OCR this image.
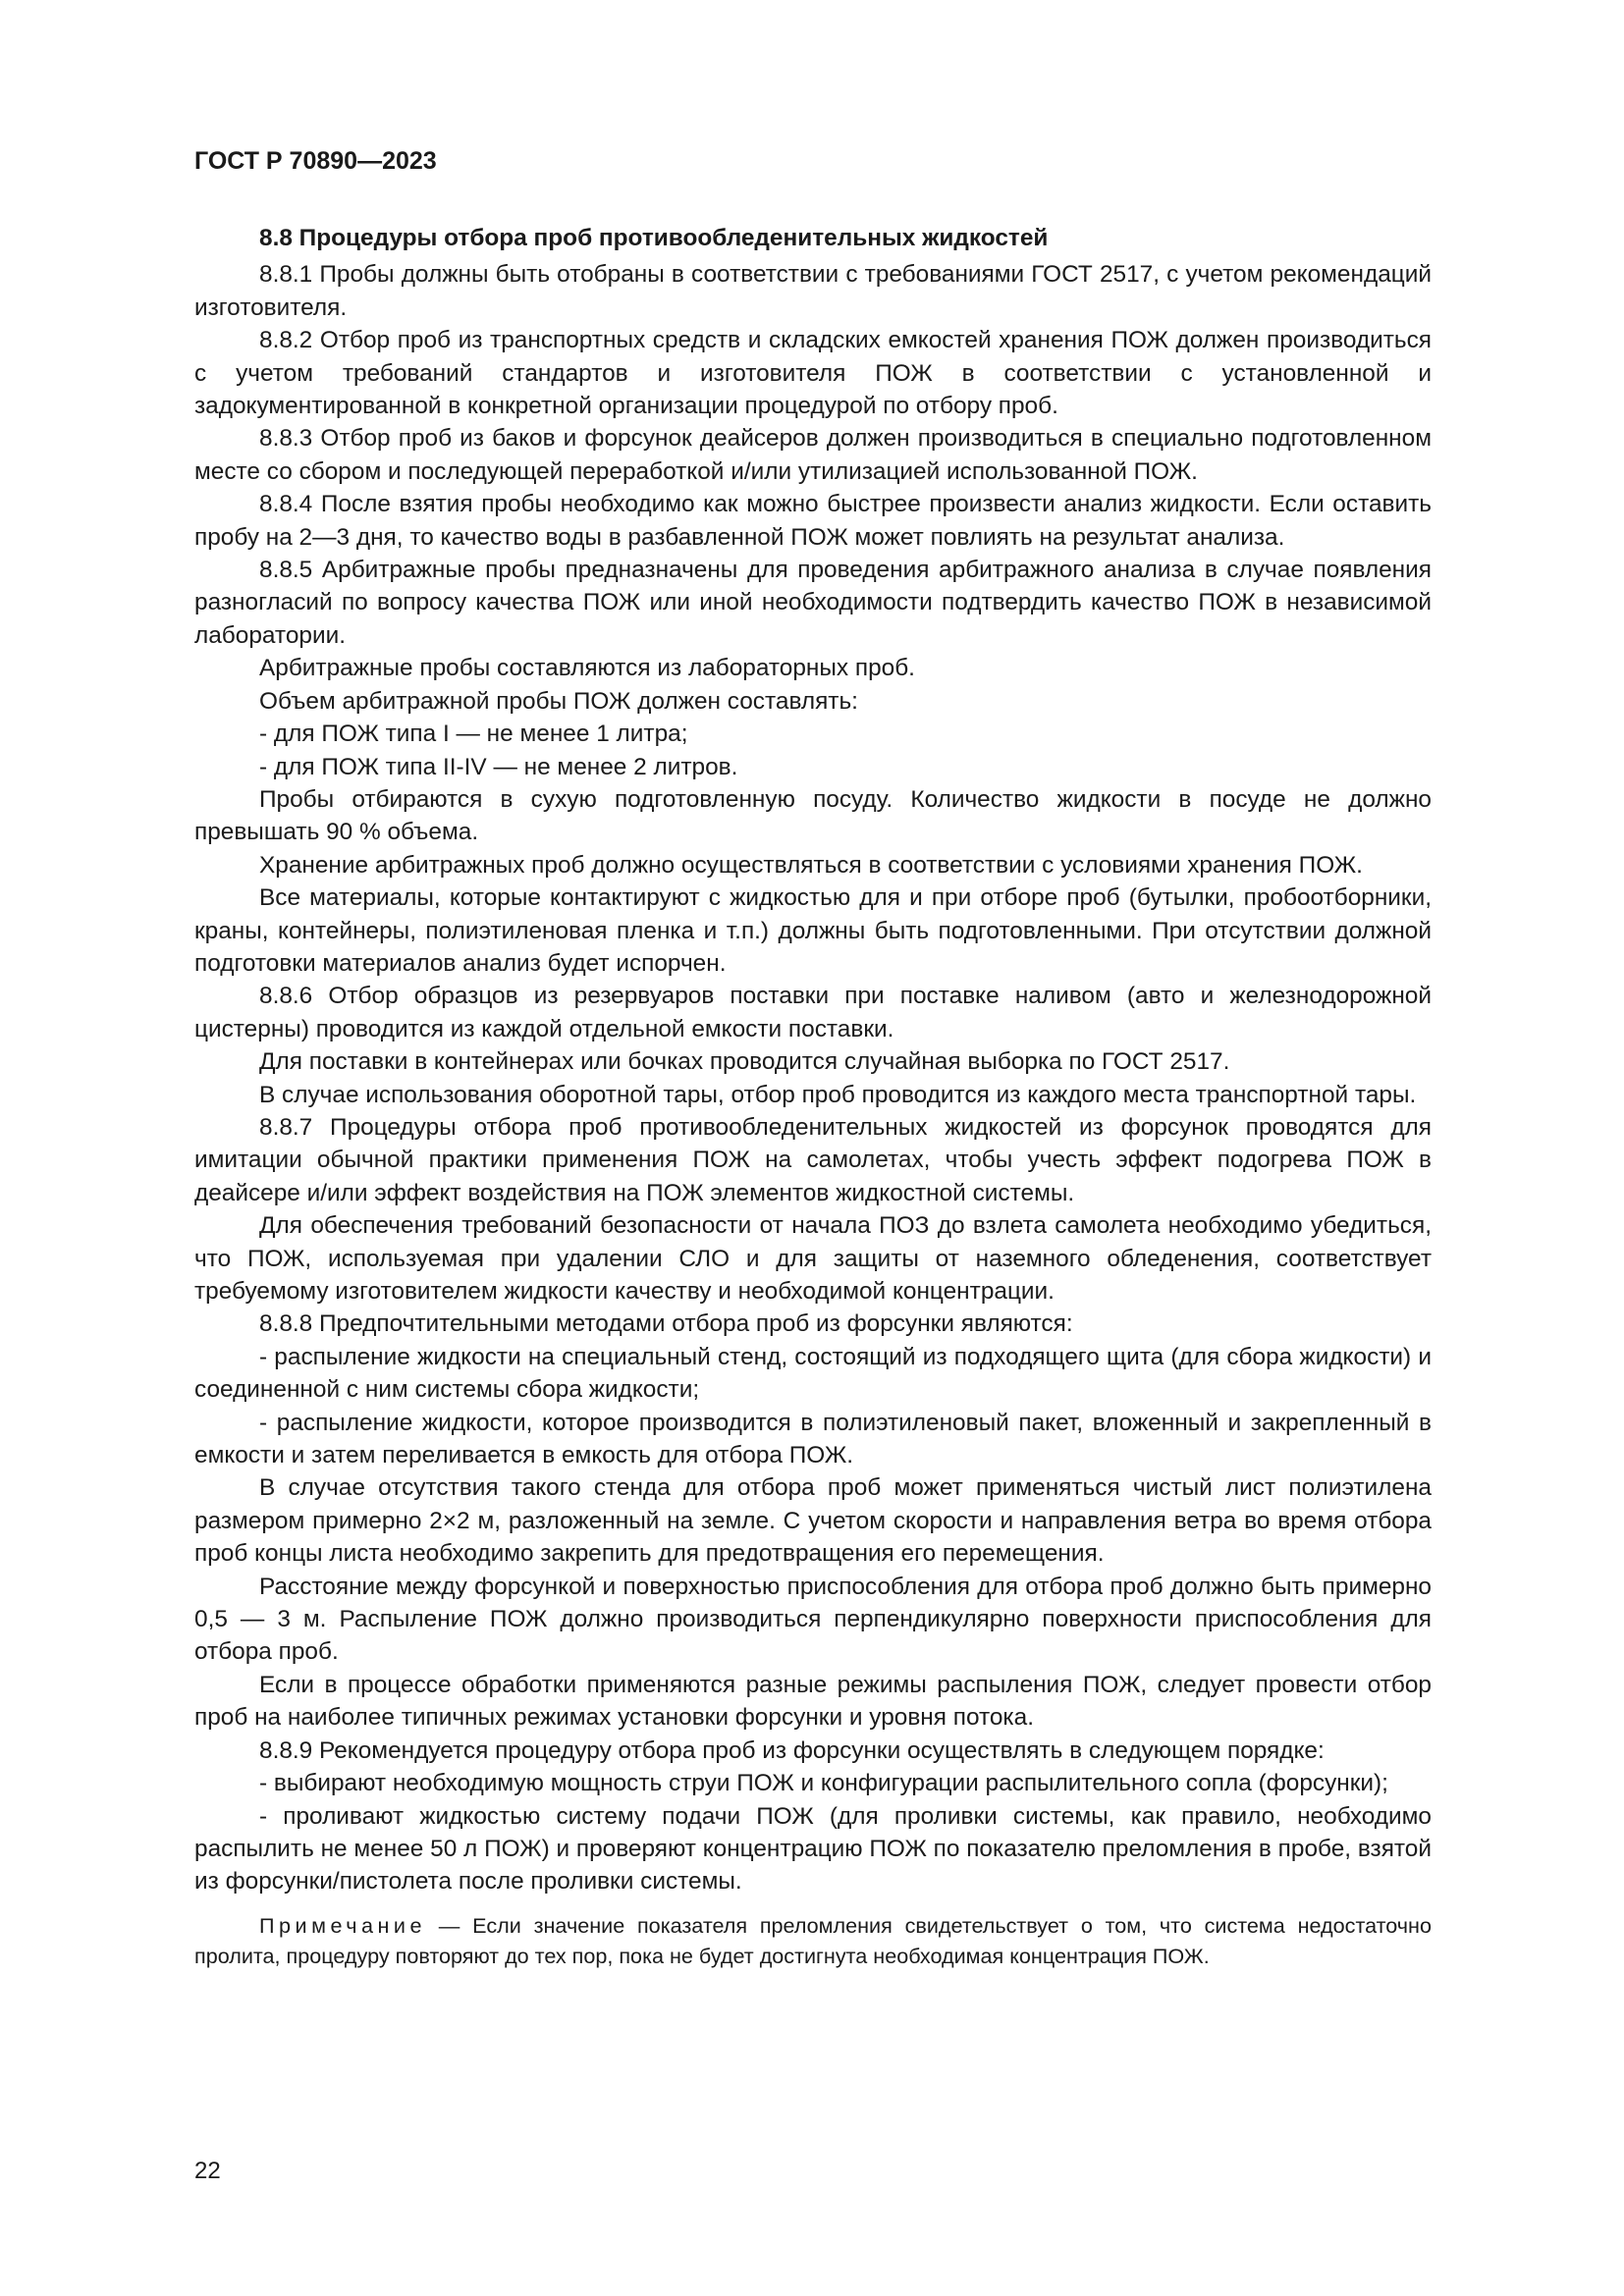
ГОСТ Р 70890—2023
8.8 Процедуры отбора проб противообледенительных жидкостей

8.8.1 Пробы должны быть отобраны в соответствии с требованиями ГОСТ 2517, с учетом рекомендаций изготовителя.

8.8.2 Отбор проб из транспортных средств и складских емкостей хранения ПОЖ должен производиться с учетом требований стандартов и изготовителя ПОЖ в соответствии с установленной и задокументированной в конкретной организации процедурой по отбору проб.

8.8.3 Отбор проб из баков и форсунок деайсеров должен производиться в специально подготовленном месте со сбором и последующей переработкой и/или утилизацией использованной ПОЖ.

8.8.4 После взятия пробы необходимо как можно быстрее произвести анализ жидкости. Если оставить пробу на 2—3 дня, то качество воды в разбавленной ПОЖ может повлиять на результат анализа.

8.8.5 Арбитражные пробы предназначены для проведения арбитражного анализа в случае появления разногласий по вопросу качества ПОЖ или иной необходимости подтвердить качество ПОЖ в независимой лаборатории.

Арбитражные пробы составляются из лабораторных проб.

Объем арбитражной пробы ПОЖ должен составлять:

- для ПОЖ типа I — не менее 1 литра;

- для ПОЖ типа II-IV — не менее 2 литров.

Пробы отбираются в сухую подготовленную посуду. Количество жидкости в посуде не должно превышать 90 % объема.

Хранение арбитражных проб должно осуществляться в соответствии с условиями хранения ПОЖ.

Все материалы, которые контактируют с жидкостью для и при отборе проб (бутылки, пробоотборники, краны, контейнеры, полиэтиленовая пленка и т.п.) должны быть подготовленными. При отсутствии должной подготовки материалов анализ будет испорчен.

8.8.6 Отбор образцов из резервуаров поставки при поставке наливом (авто и железнодорожной цистерны) проводится из каждой отдельной емкости поставки.

Для поставки в контейнерах или бочках проводится случайная выборка по ГОСТ 2517.

В случае использования оборотной тары, отбор проб проводится из каждого места транспортной тары.

8.8.7 Процедуры отбора проб противообледенительных жидкостей из форсунок проводятся для имитации обычной практики применения ПОЖ на самолетах, чтобы учесть эффект подогрева ПОЖ в деайсере и/или эффект воздействия на ПОЖ элементов жидкостной системы.

Для обеспечения требований безопасности от начала ПОЗ до взлета самолета необходимо убедиться, что ПОЖ, используемая при удалении СЛО и для защиты от наземного обледенения, соответствует требуемому изготовителем жидкости качеству и необходимой концентрации.

8.8.8 Предпочтительными методами отбора проб из форсунки являются:

- распыление жидкости на специальный стенд, состоящий из подходящего щита (для сбора жидкости) и соединенной с ним системы сбора жидкости;

- распыление жидкости, которое производится в полиэтиленовый пакет, вложенный и закрепленный в емкости и затем переливается в емкость для отбора ПОЖ.

В случае отсутствия такого стенда для отбора проб может применяться чистый лист полиэтилена размером примерно 2×2 м, разложенный на земле. С учетом скорости и направления ветра во время отбора проб концы листа необходимо закрепить для предотвращения его перемещения.

Расстояние между форсункой и поверхностью приспособления для отбора проб должно быть примерно 0,5 — 3 м. Распыление ПОЖ должно производиться перпендикулярно поверхности приспособления для отбора проб.

Если в процессе обработки применяются разные режимы распыления ПОЖ, следует провести отбор проб на наиболее типичных режимах установки форсунки и уровня потока.

8.8.9 Рекомендуется процедуру отбора проб из форсунки осуществлять в следующем порядке:

- выбирают необходимую мощность струи ПОЖ и конфигурации распылительного сопла (форсунки);

- проливают жидкостью систему подачи ПОЖ (для проливки системы, как правило, необходимо распылить не менее 50 л ПОЖ) и проверяют концентрацию ПОЖ по показателю преломления в пробе, взятой из форсунки/пистолета после проливки системы.

Примечание — Если значение показателя преломления свидетельствует о том, что система недостаточно пролита, процедуру повторяют до тех пор, пока не будет достигнута необходимая концентрация ПОЖ.

22
